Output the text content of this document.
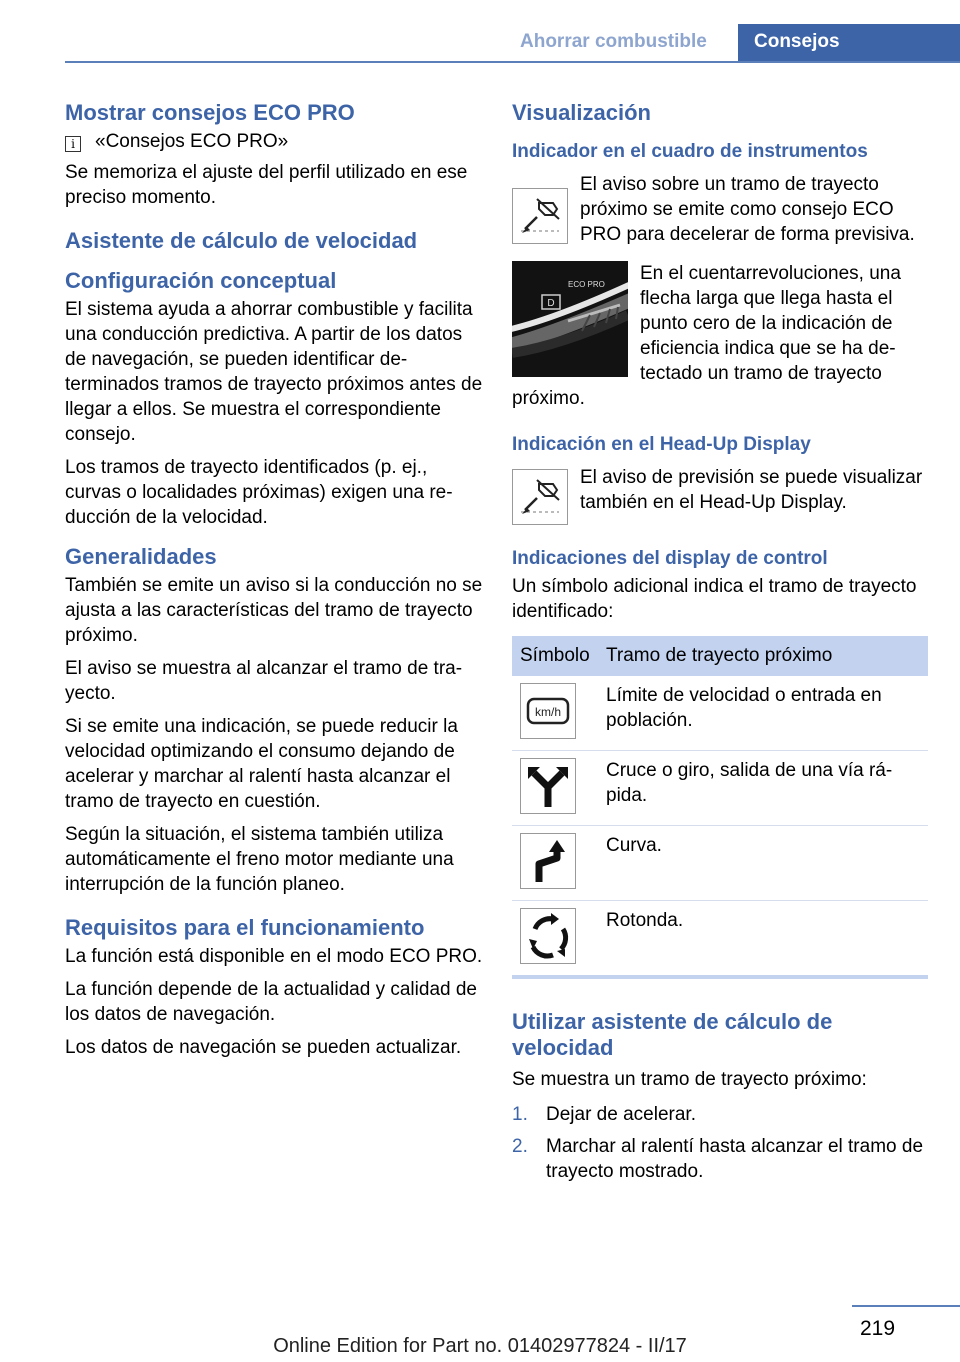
Ahorrar combustible	Consejos
Mostrar consejos ECO PRO

i «Consejos ECO PRO»

Se memoriza el ajuste del perfil utilizado en ese preciso momento.

Asistente de cálculo de velocidad
Configuración conceptual

El sistema ayuda a ahorrar combustible y facilita una conducción predictiva. A partir de los datos de navegación, se pueden identificar determinados tramos de trayecto próximos antes de llegar a ellos. Se muestra el correspondiente consejo.

Los tramos de trayecto identificados (p. ej., curvas o localidades próximas) exigen una reducción de la velocidad.

Generalidades

También se emite un aviso si la conducción no se ajusta a las características del tramo de trayecto próximo.

El aviso se muestra al alcanzar el tramo de trayecto.

Si se emite una indicación, se puede reducir la velocidad optimizando el consumo dejando de acelerar y marchar al ralentí hasta alcanzar el tramo de trayecto en cuestión.

Según la situación, el sistema también utiliza automáticamente el freno motor mediante una interrupción de la función planeo.

Requisitos para el funcionamiento

La función está disponible en el modo ECO PRO.

La función depende de la actualidad y calidad de los datos de navegación.

Los datos de navegación se pueden actualizar.

Visualización
Indicador en el cuadro de instrumentos

El aviso sobre un tramo de trayecto próximo se emite como consejo ECO PRO para decelerar de forma previsiva.

D
ECO PRO

En el cuentarrevoluciones, una flecha larga que llega hasta el punto cero de la indicación de eficiencia indica que se ha detectado un tramo de trayecto próximo.

Indicación en el Head-Up Display

El aviso de previsión se puede visualizar también en el Head-Up Display.

Indicaciones del display de control

Un símbolo adicional indica el tramo de trayecto identificado:

Símbolo	Tramo de trayecto próximo

km/h	Límite de velocidad o entrada en población.

	Cruce o giro, salida de una vía rápida.

	Curva.

	Rotonda.
Utilizar asistente de cálculo de velocidad

Se muestra un tramo de trayecto próximo:

1. Dejar de acelerar.
2. Marchar al ralentí hasta alcanzar el tramo de trayecto mostrado.
219
Online Edition for Part no. 01402977824 - II/17
